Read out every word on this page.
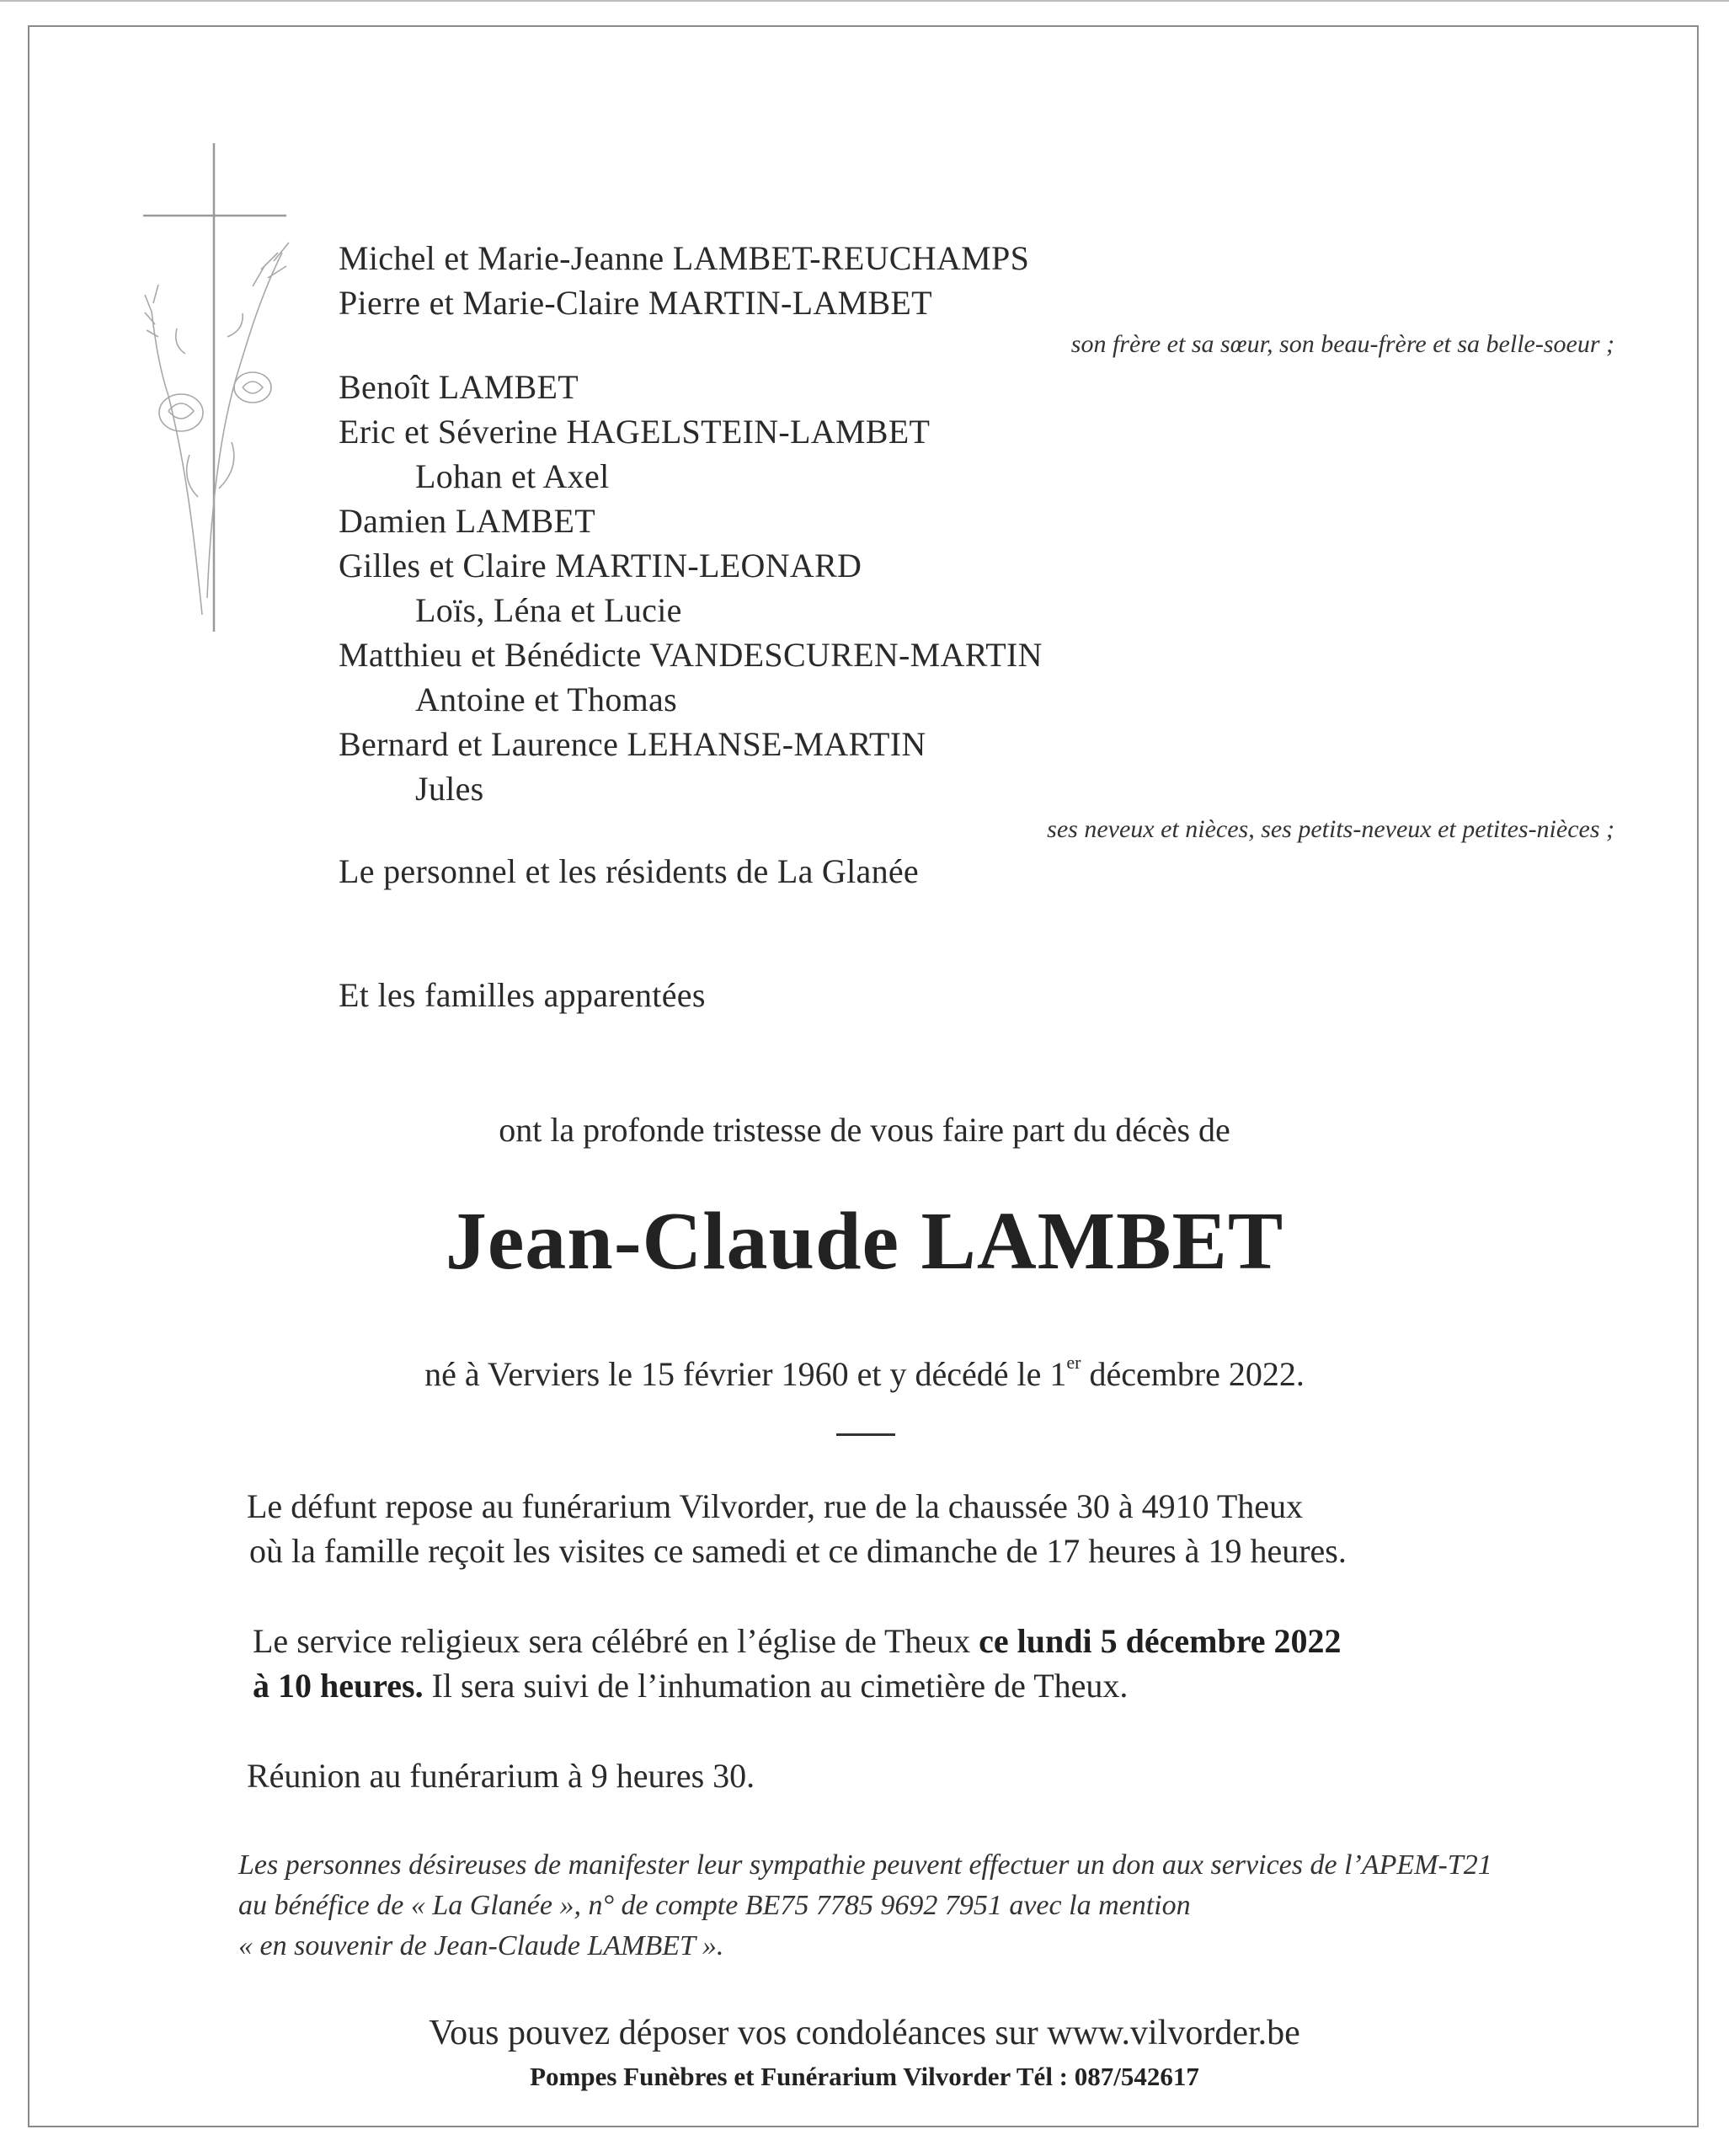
Michel et Marie-Jeanne LAMBET-REUCHAMPS
Pierre et Marie-Claire MARTIN-LAMBET
son frère et sa sœur, son beau-frère et sa belle-soeur ;
Benoît LAMBET
Eric et Séverine HAGELSTEIN-LAMBET
Lohan et Axel
Damien LAMBET
Gilles et Claire MARTIN-LEONARD
Loïs, Léna et Lucie
Matthieu et Bénédicte VANDESCUREN-MARTIN
Antoine et Thomas
Bernard et Laurence LEHANSE-MARTIN
Jules
ses neveux et nièces, ses petits-neveux et petites-nièces ;
Le personnel et les résidents de La Glanée
Et les familles apparentées
ont la profonde tristesse de vous faire part du décès de
Jean-Claude LAMBET
né à Verviers le 15 février 1960 et y décédé le 1er décembre 2022.
Le défunt repose au funérarium Vilvorder, rue de la chaussée 30 à 4910 Theux
où la famille reçoit les visites ce samedi et ce dimanche de 17 heures à 19 heures.
Le service religieux sera célébré en l’église de Theux ce lundi 5 décembre 2022
à 10 heures. Il sera suivi de l’inhumation au cimetière de Theux.
Réunion au funérarium à 9 heures 30.
Les personnes désireuses de manifester leur sympathie peuvent effectuer un don aux services de l’APEM-T21
au bénéfice de « La Glanée », n° de compte BE75 7785 9692 7951 avec la mention
« en souvenir de Jean-Claude LAMBET ».
Vous pouvez déposer vos condoléances sur www.vilvorder.be
Pompes Funèbres et Funérarium Vilvorder Tél : 087/542617
